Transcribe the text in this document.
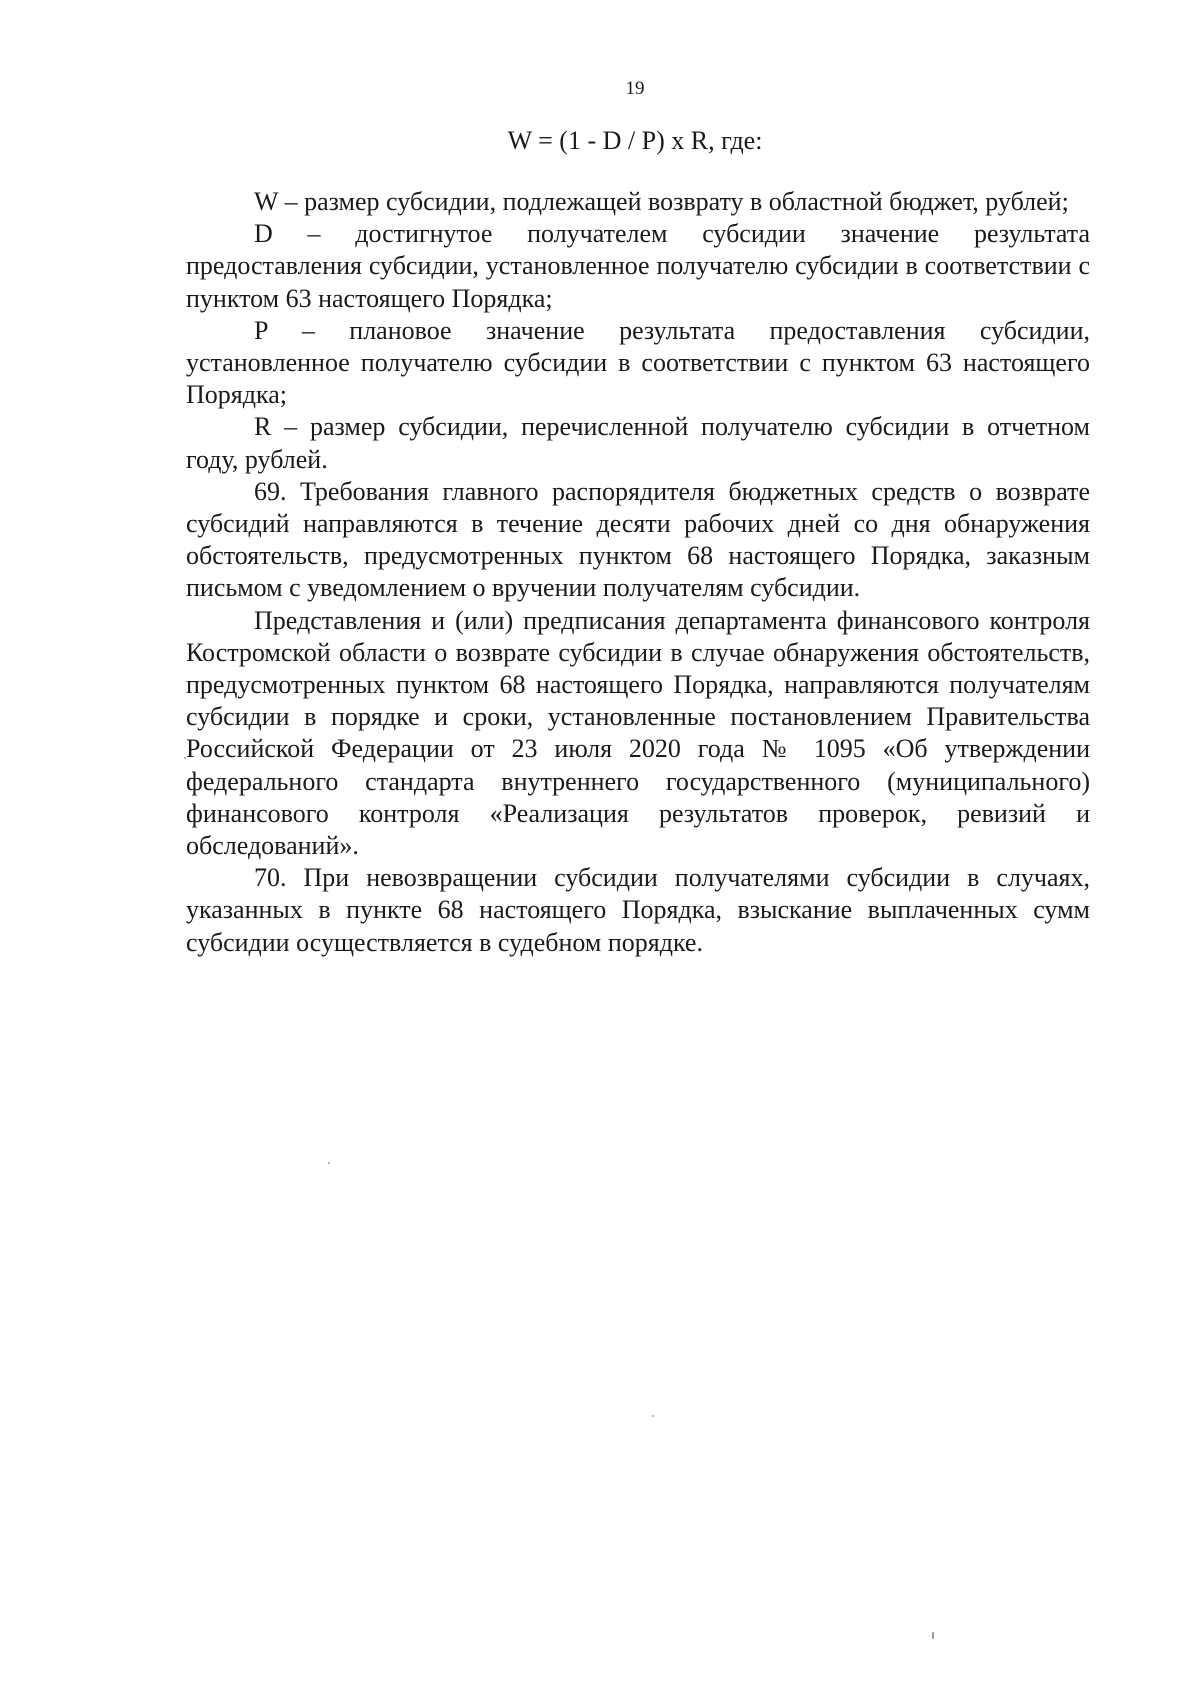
19
W = (1 - D / P) x R, где:

W – размер субсидии, подлежащей возврату в областной бюджет, рублей;

D – достигнутое получателем субсидии значение результата предоставления субсидии, установленное получателю субсидии в соответствии с пунктом 63 настоящего Порядка;

P – плановое значение результата предоставления субсидии, установленное получателю субсидии в соответствии с пунктом 63 настоящего Порядка;

R – размер субсидии, перечисленной получателю субсидии в отчетном году, рублей.

69. Требования главного распорядителя бюджетных средств о возврате субсидий направляются в течение десяти рабочих дней со дня обнаружения обстоятельств, предусмотренных пунктом 68 настоящего Порядка, заказным письмом с уведомлением о вручении получателям субсидии.

Представления и (или) предписания департамента финансового контроля Костромской области о возврате субсидии в случае обнаружения обстоятельств, предусмотренных пунктом 68 настоящего Порядка, направляются получателям субсидии в порядке и сроки, установленные постановлением Правительства Российской Федерации от 23 июля 2020 года № 1095 «Об утверждении федерального стандарта внутреннего государственного (муниципального) финансового контроля «Реализация результатов проверок, ревизий и обследований».

70. При невозвращении субсидии получателями субсидии в случаях, указанных в пункте 68 настоящего Порядка, взыскание выплаченных сумм субсидии осуществляется в судебном порядке.
